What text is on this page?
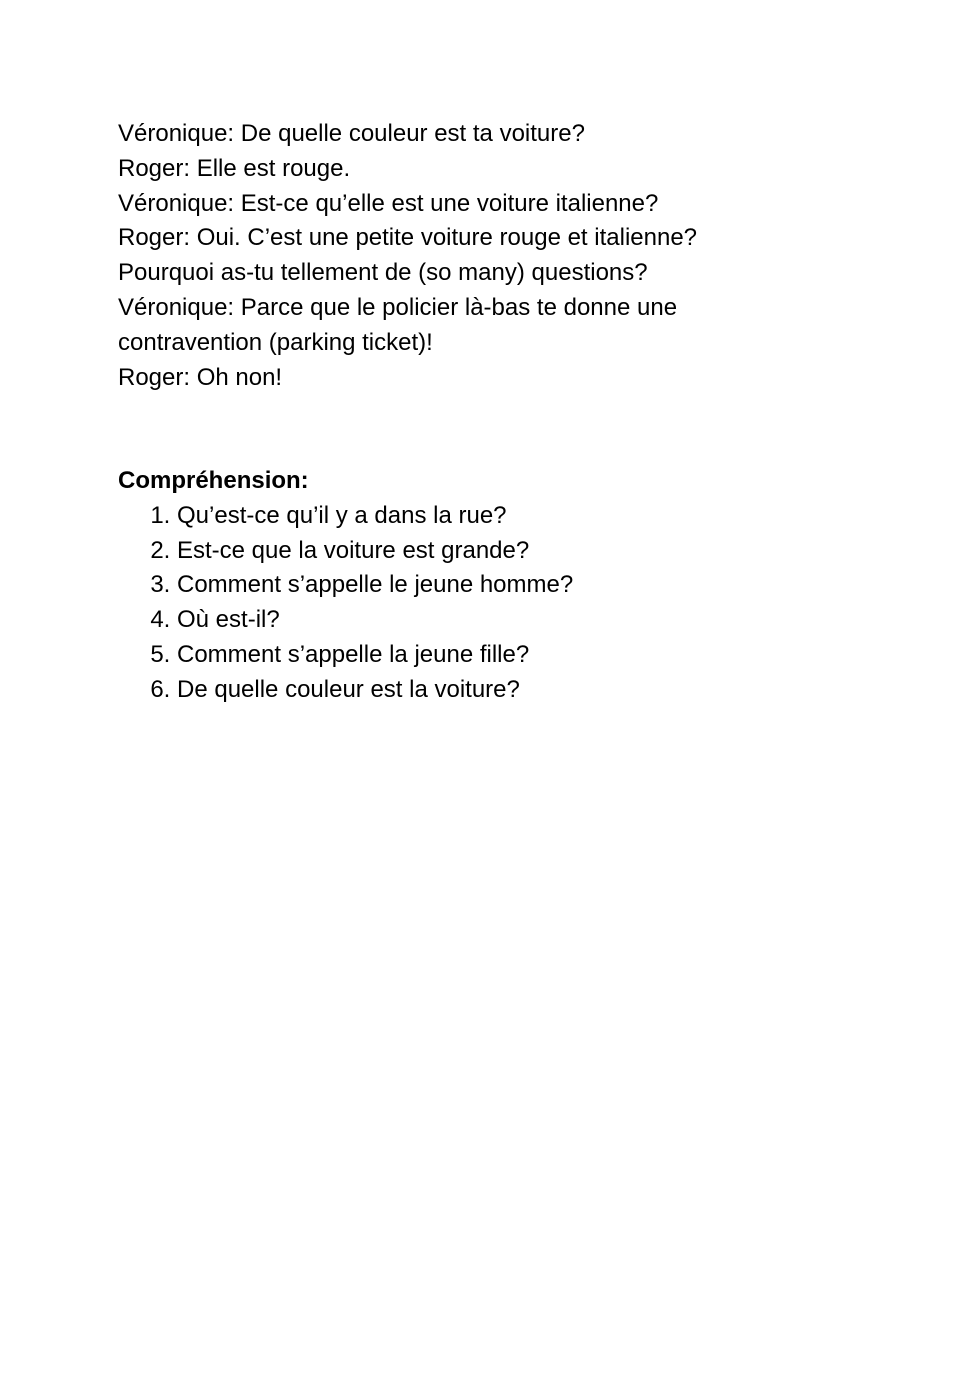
Véronique: De quelle couleur est ta voiture?
Roger: Elle est rouge.
Véronique: Est-ce qu’elle est une voiture italienne?
Roger: Oui. C’est une petite voiture rouge et italienne?
Pourquoi as-tu tellement de (so many) questions?
Véronique: Parce que le policier là-bas te donne une
contravention (parking ticket)!
Roger: Oh non!
Compréhension:
1. Qu’est-ce qu’il y a dans la rue?
2. Est-ce que la voiture est grande?
3. Comment s’appelle le jeune homme?
4. Où est-il?
5. Comment s’appelle la jeune fille?
6. De quelle couleur est la voiture?
